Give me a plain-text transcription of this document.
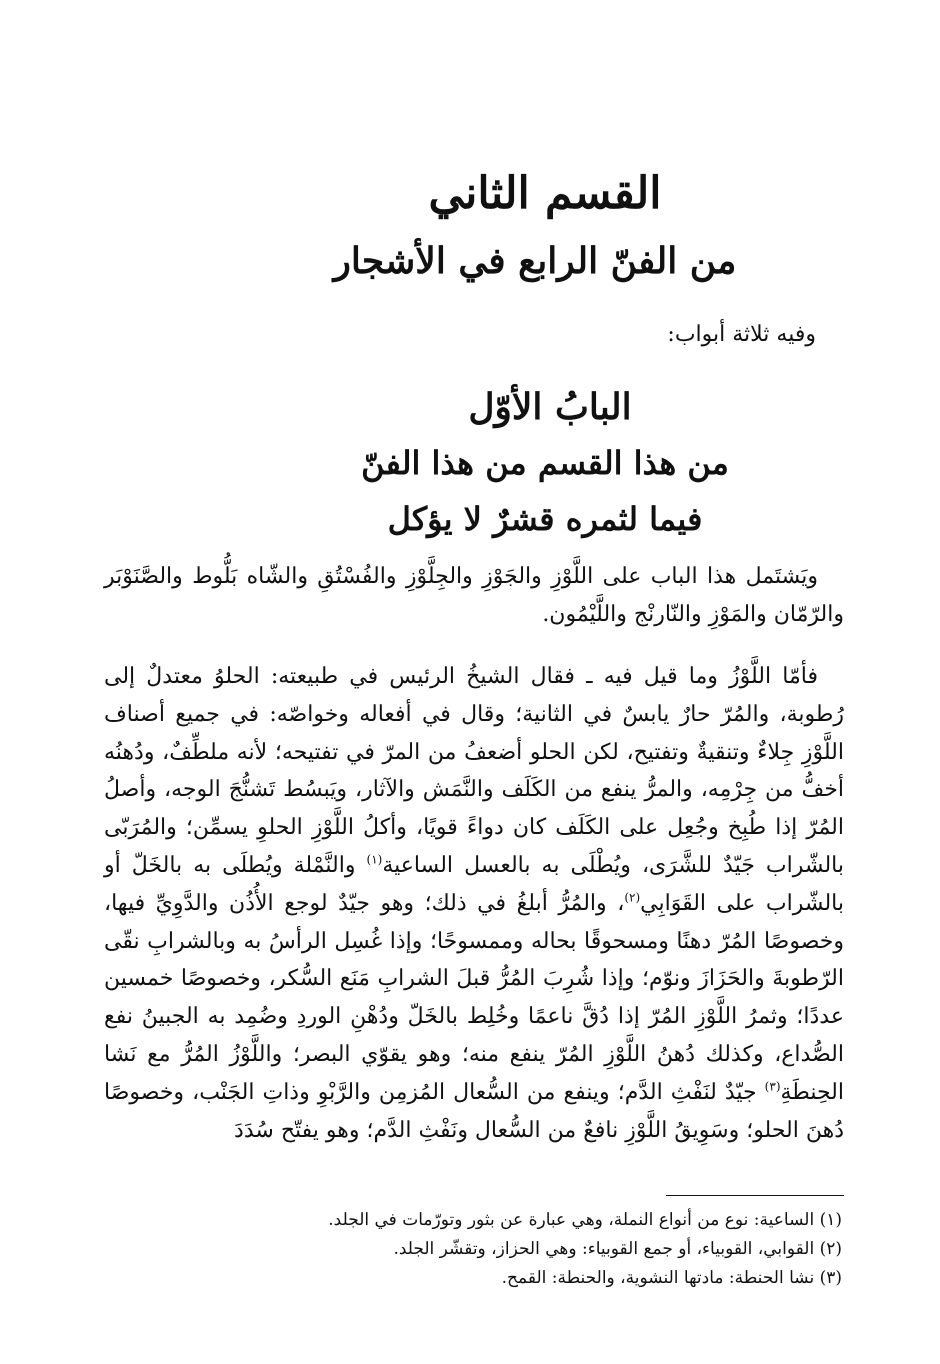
القسم الثاني
من الفنّ الرابع في الأشجار
وفيه ثلاثة أبواب:
البابُ الأوّل
من هذا القسم من هذا الفنّ
فيما لثمره قشرٌ لا يؤكل

ويَشتَمل هذا الباب على اللَّوْزِ والجَوْزِ والجِلَّوْزِ والفُسْتُقِ والشّاه بَلُّوط والصَّنَوْبَر والرّمّان والمَوْزِ والنّارنْج واللَّيْمُون.

فأمّا اللَّوْزُ وما قيل فيه ـ فقال الشيخُ الرئيس في طبيعته: الحلوُ معتدلٌ إلى رُطوبة، والمُرّ حارٌ يابسٌ في الثانية؛ وقال في أفعاله وخواصّه: في جميع أصناف اللَّوْزِ جِلاءٌ وتنقيةٌ وتفتيح، لكن الحلو أضعفُ من المرّ في تفتيحه؛ لأنه ملطِّفٌ، ودُهنُه أخفُّ من جِرْمِه، والمرُّ ينفع من الكَلَف والنَّمَش والآثار، ويَبسُط تَشنُّجَ الوجه، وأصلُ المُرّ إذا طُبِخ وجُعِل على الكَلَف كان دواءً قويًا، وأكلُ اللَّوْزِ الحلوِ يسمِّن؛ والمُرَبّى بالشّراب جَيّدٌ للشَّرَى، ويُطْلَى به بالعسل الساعية$^{(١)}$ والنَّمْلة ويُطلَى به بالخَلّ أو بالشّراب على القَوَابِي$^{(٢)}$، والمُرُّ أبلغُ في ذلك؛ وهو جيّدٌ لوجع الأُذُن والدَّوِيِّ فيها، وخصوصًا المُرّ دهنًا ومسحوقًا بحاله وممسوحًا؛ وإذا غُسِل الرأسُ به وبالشرابِ نقّى الرّطوبةَ والحَزَازَ ونوّم؛ وإذا شُرِبَ المُرُّ قبلَ الشرابِ مَنَع السُّكر، وخصوصًا خمسين عددًا؛ وثمرُ اللَّوْزِ المُرّ إذا دُقَّ ناعمًا وخُلِط بالخَلّ ودُهْنِ الوردِ وضُمِد به الجبينُ نفع الصُّداع، وكذلك دُهنُ اللَّوْزِ المُرّ ينفع منه؛ وهو يقوّي البصر؛ واللَّوْزُ المُرُّ مع نَشا الحِنطَةِ$^{(٣)}$ جيّدٌ لنَفْثِ الدَّم؛ وينفع من السُّعال المُزمِن والرَّبْوِ وذاتِ الجَنْب، وخصوصًا دُهنَ الحلو؛ وسَوِيقُ اللَّوْزِ نافعٌ من السُّعال ونَفْثِ الدَّم؛ وهو يفتّح سُدَدَ

(١) الساعية: نوع من أنواع النملة، وهي عبارة عن بثور وتورّمات في الجلد.
(٢) القوابي، القوبياء، أو جمع القوبياء: وهي الحزاز، وتقشّر الجلد.
(٣) نشا الحنطة: مادتها النشوية، والحنطة: القمح.
